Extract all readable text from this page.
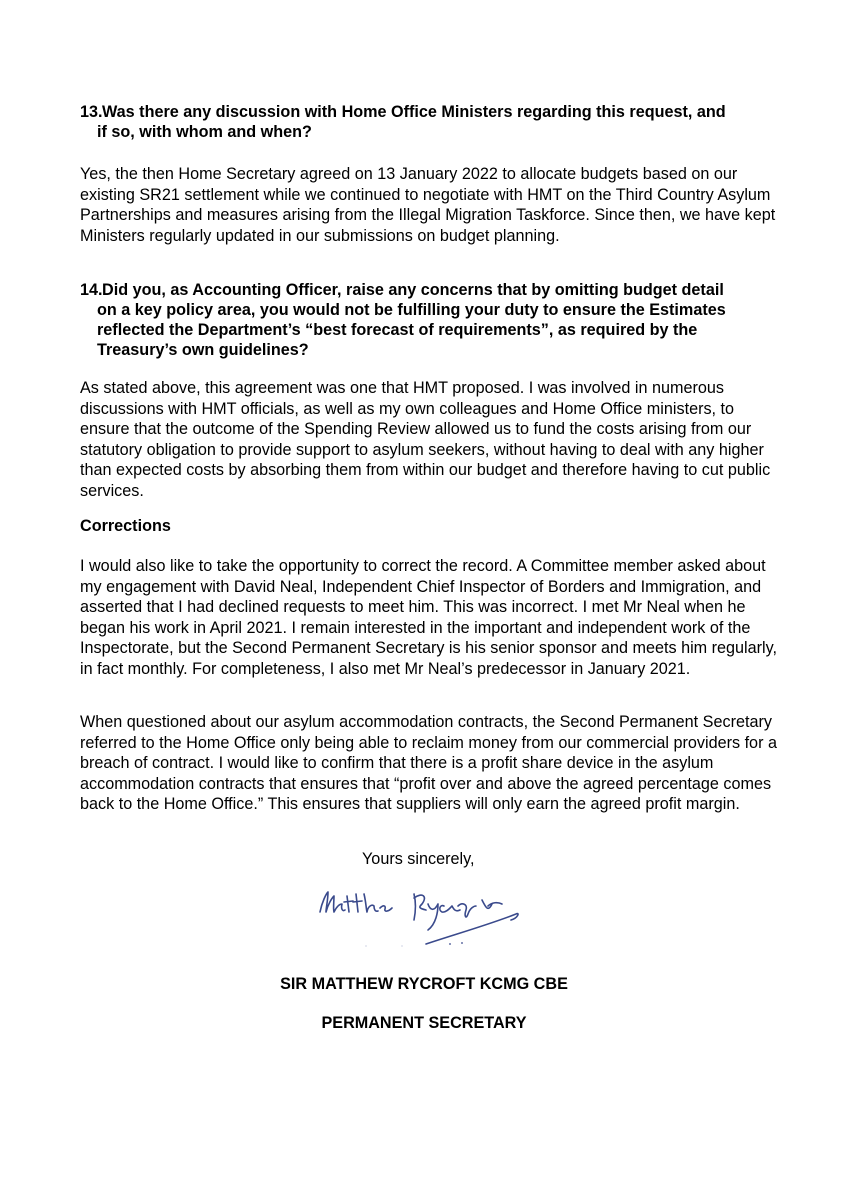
13. Was there any discussion with Home Office Ministers regarding this request, and
if so, with whom and when?
Yes, the then Home Secretary agreed on 13 January 2022 to allocate budgets based on our existing SR21 settlement while we continued to negotiate with HMT on the Third Country Asylum Partnerships and measures arising from the Illegal Migration Taskforce. Since then, we have kept Ministers regularly updated in our submissions on budget planning.
14. Did you, as Accounting Officer, raise any concerns that by omitting budget detail
on a key policy area, you would not be fulfilling your duty to ensure the Estimates reflected the Department’s “best forecast of requirements”, as required by the Treasury’s own guidelines?
As stated above, this agreement was one that HMT proposed. I was involved in numerous discussions with HMT officials, as well as my own colleagues and Home Office ministers, to ensure that the outcome of the Spending Review allowed us to fund the costs arising from our statutory obligation to provide support to asylum seekers, without having to deal with any higher than expected costs by absorbing them from within our budget and therefore having to cut public services.
Corrections
I would also like to take the opportunity to correct the record. A Committee member asked about my engagement with David Neal, Independent Chief Inspector of Borders and Immigration, and asserted that I had declined requests to meet him. This was incorrect. I met Mr Neal when he began his work in April 2021. I remain interested in the important and independent work of the Inspectorate, but the Second Permanent Secretary is his senior sponsor and meets him regularly, in fact monthly. For completeness, I also met Mr Neal’s predecessor in January 2021.
When questioned about our asylum accommodation contracts, the Second Permanent Secretary referred to the Home Office only being able to reclaim money from our commercial providers for a breach of contract. I would like to confirm that there is a profit share device in the asylum accommodation contracts that ensures that “profit over and above the agreed percentage comes back to the Home Office.” This ensures that suppliers will only earn the agreed profit margin.
Yours sincerely,
SIR MATTHEW RYCROFT KCMG CBE
PERMANENT SECRETARY
